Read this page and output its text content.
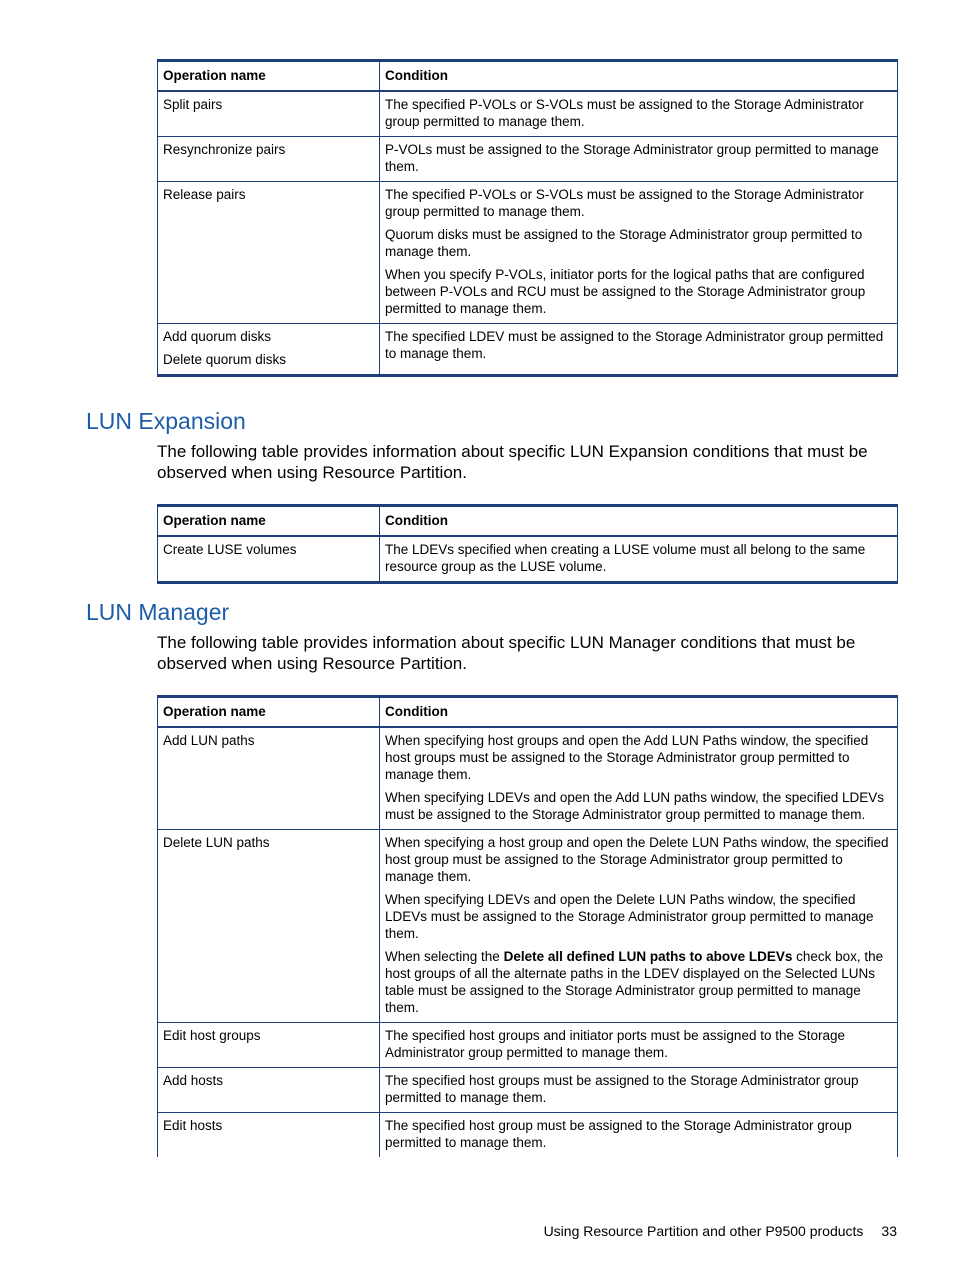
Operation name	Condition

Split pairs	The specified P-VOLs or S-VOLs must be assigned to the Storage Administrator group permitted to manage them.

Resynchronize pairs	P-VOLs must be assigned to the Storage Administrator group permitted to manage them.

Release pairs	The specified P-VOLs or S-VOLs must be assigned to the Storage Administrator group permitted to manage them.

Quorum disks must be assigned to the Storage Administrator group permitted to manage them.

When you specify P-VOLs, initiator ports for the logical paths that are configured between P-VOLs and RCU must be assigned to the Storage Administrator group permitted to manage them.

Add quorum disks
Delete quorum disks	The specified LDEV must be assigned to the Storage Administrator group permitted to manage them.

LUN Expansion

The following table provides information about specific LUN Expansion conditions that must be observed when using Resource Partition.

Operation name	Condition

Create LUSE volumes	The LDEVs specified when creating a LUSE volume must all belong to the same resource group as the LUSE volume.

LUN Manager

The following table provides information about specific LUN Manager conditions that must be observed when using Resource Partition.

Operation name	Condition

Add LUN paths	When specifying host groups and open the Add LUN Paths window, the specified host groups must be assigned to the Storage Administrator group permitted to manage them.

When specifying LDEVs and open the Add LUN paths window, the specified LDEVs must be assigned to the Storage Administrator group permitted to manage them.

Delete LUN paths	When specifying a host group and open the Delete LUN Paths window, the specified host group must be assigned to the Storage Administrator group permitted to manage them.

When specifying LDEVs and open the Delete LUN Paths window, the specified LDEVs must be assigned to the Storage Administrator group permitted to manage them.

When selecting the Delete all defined LUN paths to above LDEVs check box, the host groups of all the alternate paths in the LDEV displayed on the Selected LUNs table must be assigned to the Storage Administrator group permitted to manage them.

Edit host groups	The specified host groups and initiator ports must be assigned to the Storage Administrator group permitted to manage them.

Add hosts	The specified host groups must be assigned to the Storage Administrator group permitted to manage them.

Edit hosts	The specified host group must be assigned to the Storage Administrator group permitted to manage them.

Using Resource Partition and other P9500 products 33
